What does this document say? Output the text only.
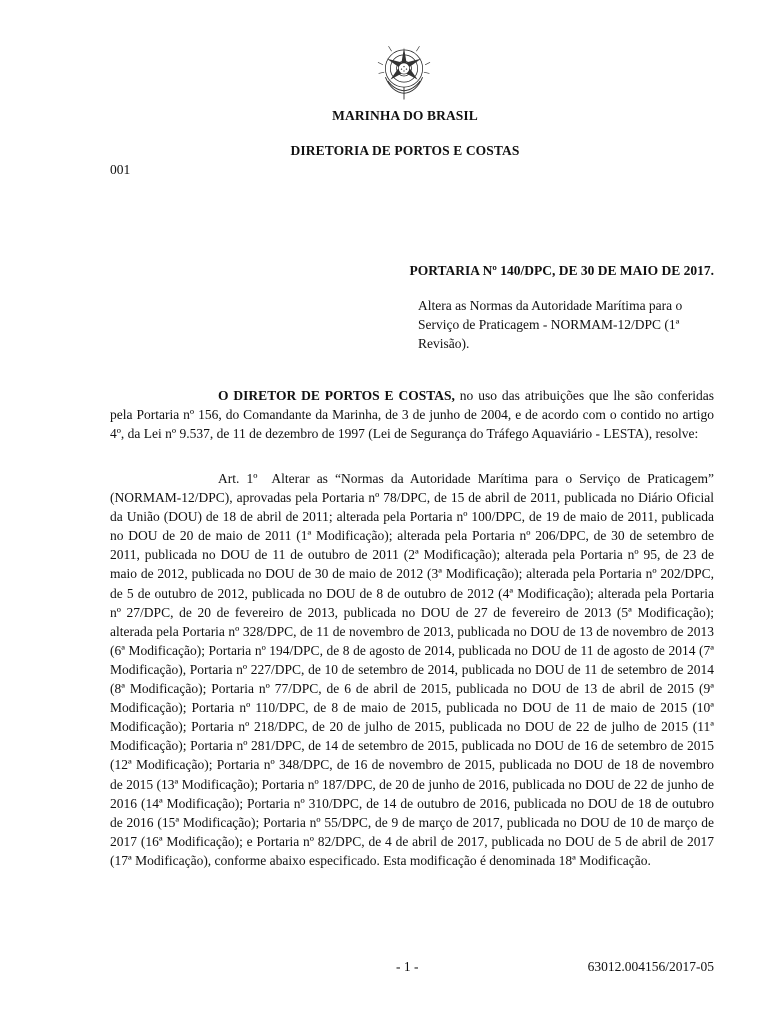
MARINHA DO BRASIL
DIRETORIA DE PORTOS E COSTAS
001
PORTARIA Nº 140/DPC, DE 30 DE MAIO DE 2017.
Altera as Normas da Autoridade Marítima para o Serviço de Praticagem - NORMAM-12/DPC (1ª Revisão).
O DIRETOR DE PORTOS E COSTAS, no uso das atribuições que lhe são conferidas pela Portaria nº 156, do Comandante da Marinha, de 3 de junho de 2004, e de acordo com o contido no artigo 4º, da Lei nº 9.537, de 11 de dezembro de 1997 (Lei de Segurança do Tráfego Aquaviário - LESTA), resolve:
Art. 1º Alterar as “Normas da Autoridade Marítima para o Serviço de Praticagem” (NORMAM-12/DPC), aprovadas pela Portaria nº 78/DPC, de 15 de abril de 2011, publicada no Diário Oficial da União (DOU) de 18 de abril de 2011; alterada pela Portaria nº 100/DPC, de 19 de maio de 2011, publicada no DOU de 20 de maio de 2011 (1ª Modificação); alterada pela Portaria nº 206/DPC, de 30 de setembro de 2011, publicada no DOU de 11 de outubro de 2011 (2ª Modificação); alterada pela Portaria nº 95, de 23 de maio de 2012, publicada no DOU de 30 de maio de 2012 (3ª Modificação); alterada pela Portaria nº 202/DPC, de 5 de outubro de 2012, publicada no DOU de 8 de outubro de 2012 (4ª Modificação); alterada pela Portaria nº 27/DPC, de 20 de fevereiro de 2013, publicada no DOU de 27 de fevereiro de 2013 (5ª Modificação); alterada pela Portaria nº 328/DPC, de 11 de novembro de 2013, publicada no DOU de 13 de novembro de 2013 (6ª Modificação); Portaria nº 194/DPC, de 8 de agosto de 2014, publicada no DOU de 11 de agosto de 2014 (7ª Modificação), Portaria nº 227/DPC, de 10 de setembro de 2014, publicada no DOU de 11 de setembro de 2014 (8ª Modificação); Portaria nº 77/DPC, de 6 de abril de 2015, publicada no DOU de 13 de abril de 2015 (9ª Modificação); Portaria nº 110/DPC, de 8 de maio de 2015, publicada no DOU de 11 de maio de 2015 (10ª Modificação); Portaria nº 218/DPC, de 20 de julho de 2015, publicada no DOU de 22 de julho de 2015 (11ª Modificação); Portaria nº 281/DPC, de 14 de setembro de 2015, publicada no DOU de 16 de setembro de 2015 (12ª Modificação); Portaria nº 348/DPC, de 16 de novembro de 2015, publicada no DOU de 18 de novembro de 2015 (13ª Modificação); Portaria nº 187/DPC, de 20 de junho de 2016, publicada no DOU de 22 de junho de 2016 (14ª Modificação); Portaria nº 310/DPC, de 14 de outubro de 2016, publicada no DOU de 18 de outubro de 2016 (15ª Modificação); Portaria nº 55/DPC, de 9 de março de 2017, publicada no DOU de 10 de março de 2017 (16ª Modificação); e Portaria nº 82/DPC, de 4 de abril de 2017, publicada no DOU de 5 de abril de 2017 (17ª Modificação), conforme abaixo especificado. Esta modificação é denominada 18ª Modificação.
- 1 -	63012.004156/2017-05
